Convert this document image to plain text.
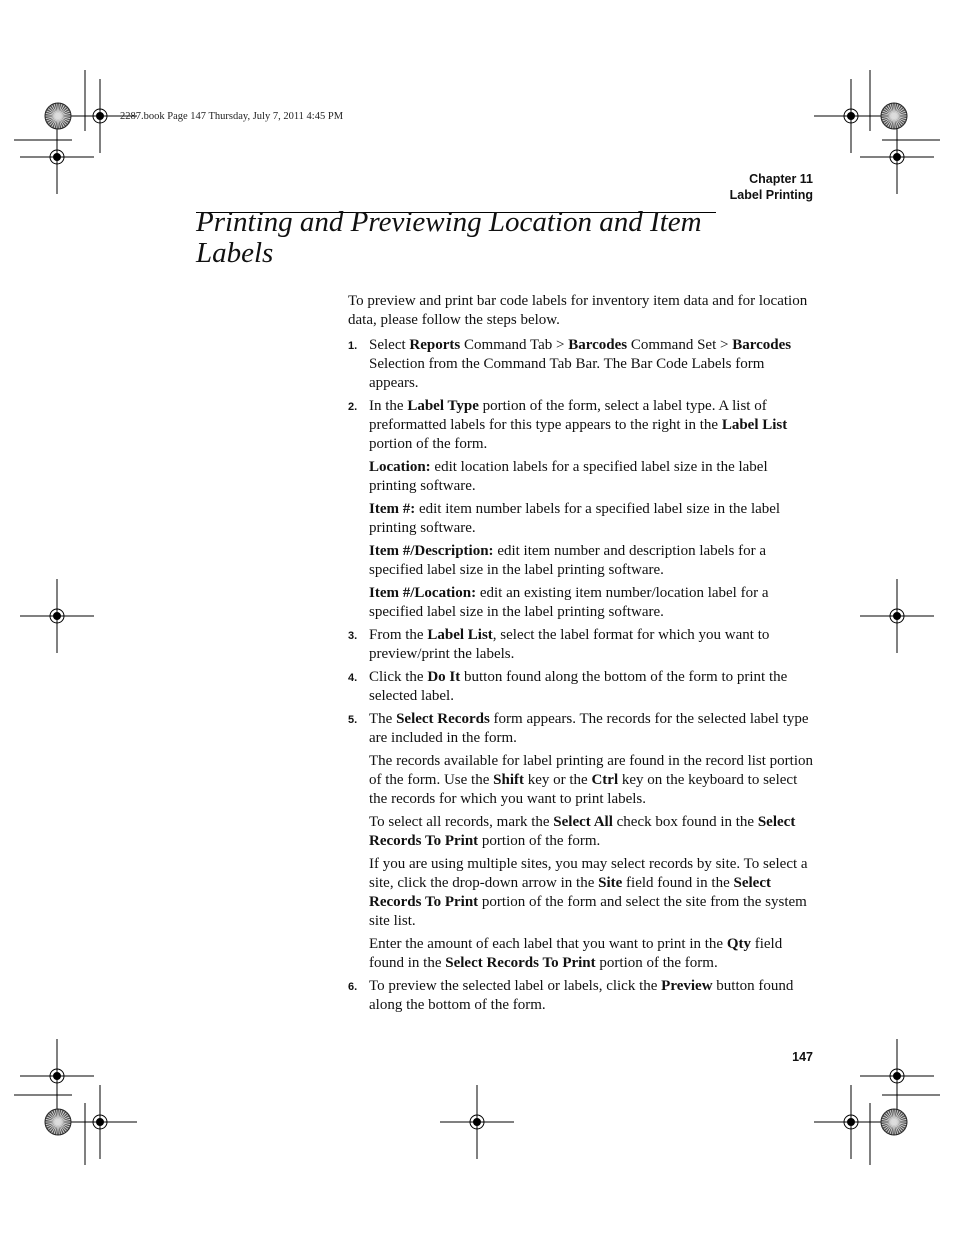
2287.book Page 147 Thursday, July 7, 2011 4:45 PM
Chapter 11
Label Printing
Printing and Previewing Location and Item Labels

To preview and print bar code labels for inventory item data and for location data, please follow the steps below.

1. Select Reports Command Tab > Barcodes Command Set > Barcodes Selection from the Command Tab Bar. The Bar Code Labels form appears.

2. In the Label Type portion of the form, select a label type. A list of preformatted labels for this type appears to the right in the Label List portion of the form.

Location: edit location labels for a specified label size in the label printing software.

Item #: edit item number labels for a specified label size in the label printing software.

Item #/Description: edit item number and description labels for a specified label size in the label printing software.

Item #/Location: edit an existing item number/location label for a specified label size in the label printing software.

3. From the Label List, select the label format for which you want to preview/print the labels.

4. Click the Do It button found along the bottom of the form to print the selected label.

5. The Select Records form appears. The records for the selected label type are included in the form.

The records available for label printing are found in the record list portion of the form. Use the Shift key or the Ctrl key on the keyboard to select the records for which you want to print labels.

To select all records, mark the Select All check box found in the Select Records To Print portion of the form.

If you are using multiple sites, you may select records by site. To select a site, click the drop-down arrow in the Site field found in the Select Records To Print portion of the form and select the site from the system site list.

Enter the amount of each label that you want to print in the Qty field found in the Select Records To Print portion of the form.

6. To preview the selected label or labels, click the Preview button found along the bottom of the form.

147
